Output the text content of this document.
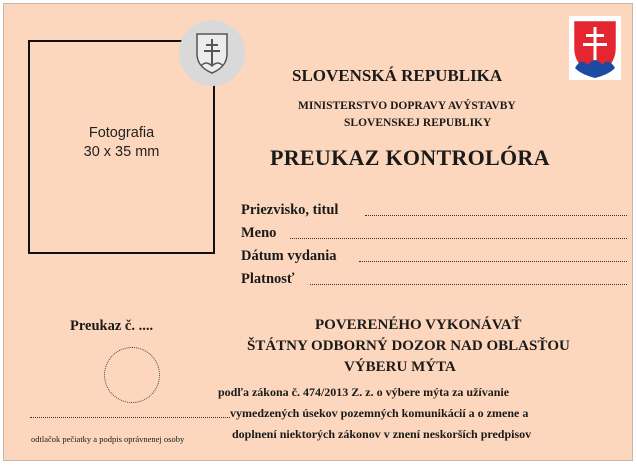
Fotografia
30 x 35 mm
SLOVENSKÁ REPUBLIKA
MINISTERSTVO DOPRAVY AVÝSTAVBY
SLOVENSKEJ REPUBLIKY
PREUKAZ KONTROLÓRA
Priezvisko, titul
Meno
Dátum vydania
Platnosť
Preukaz č. ....
odtlačok pečiatky a podpis oprávnenej osoby
POVERENÉHO VYKONÁVAŤ
ŠTÁTNY ODBORNÝ DOZOR NAD OBLASŤOU
VÝBERU MÝTA
podľa zákona č. 474/2013 Z. z. o výbere mýta za užívanie
vymedzených úsekov pozemných komunikácií a o zmene a
doplnení niektorých zákonov v znení neskorších predpisov
